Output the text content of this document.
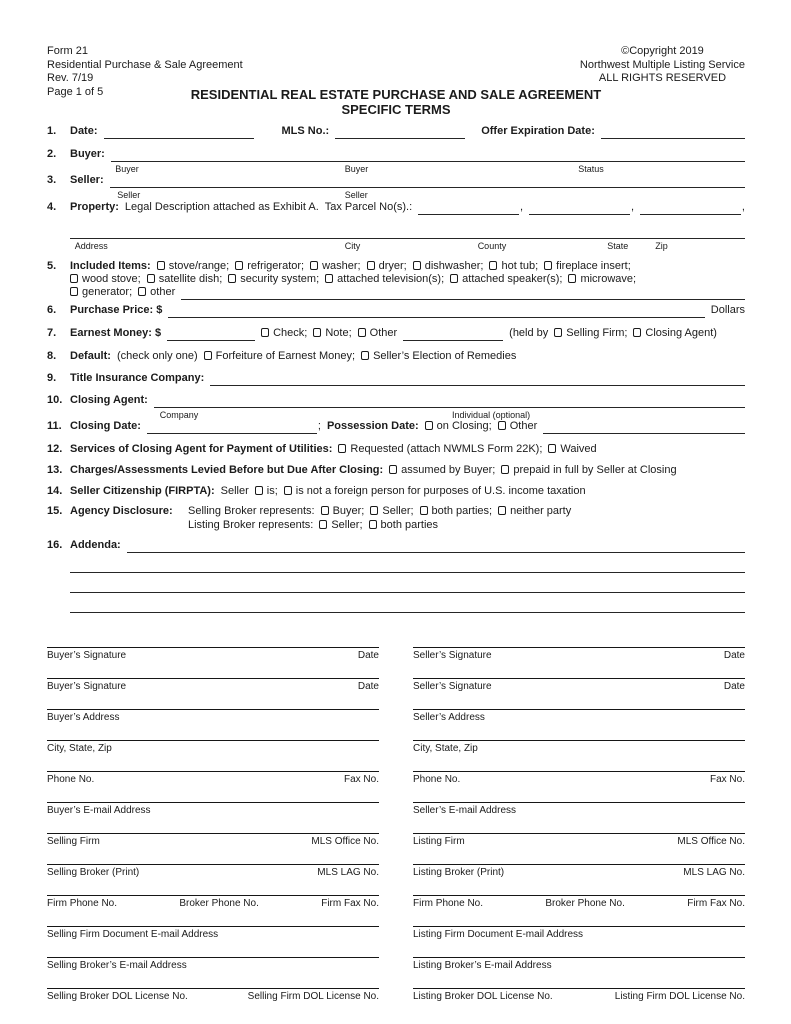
Form 21
Residential Purchase & Sale Agreement
Rev. 7/19
Page 1 of 5
©Copyright 2019
Northwest Multiple Listing Service
ALL RIGHTS RESERVED
RESIDENTIAL REAL ESTATE PURCHASE AND SALE AGREEMENT
SPECIFIC TERMS
1.	Date:	MLS No.:	Offer Expiration Date:
2.	Buyer:
Buyer	Buyer	Status
3.	Seller:
Seller	Seller
4.	Property: Legal Description attached as Exhibit A. Tax Parcel No(s).:	,	,	,
Address	City	County	State	Zip
5.	Included Items:	stove/range;	refrigerator;	washer;	dryer;	dishwasher;	hot tub;	fireplace insert;
wood stove;	satellite dish;	security system;	attached television(s);	attached speaker(s);	microwave;
generator;	other
6.	Purchase Price: $	Dollars
7.	Earnest Money: $	Check;	Note;	Other	(held by	Selling Firm;	Closing Agent)
8.	Default: (check only one)	Forfeiture of Earnest Money;	Seller’s Election of Remedies
9.	Title Insurance Company:
10. Closing Agent:
Company	Individual (optional)
11. Closing Date:	; Possession Date:	on Closing;	Other
12. Services of Closing Agent for Payment of Utilities:	Requested (attach NWMLS Form 22K);	Waived
13. Charges/Assessments Levied Before but Due After Closing:	assumed by Buyer;	prepaid in full by Seller at Closing
14. Seller Citizenship (FIRPTA): Seller	is;	is not a foreign person for purposes of U.S. income taxation
15. Agency Disclosure:	Selling Broker represents:	Buyer;	Seller;	both parties;	neither party
Listing Broker represents:	Seller;	both parties
16. Addenda:
Buyer’s Signature	Date
Buyer’s Signature	Date
Buyer’s Address
City, State, Zip
Phone No.	Fax No.
Buyer’s E-mail Address
Selling Firm	MLS Office No.
Selling Broker (Print)	MLS LAG No.
Firm Phone No.	Broker Phone No.	Firm Fax No.
Selling Firm Document E-mail Address
Selling Broker’s E-mail Address
Selling Broker DOL License No.	Selling Firm DOL License No.
Seller’s Signature	Date
Seller’s Signature	Date
Seller’s Address
City, State, Zip
Phone No.	Fax No.
Seller’s E-mail Address
Listing Firm	MLS Office No.
Listing Broker (Print)	MLS LAG No.
Firm Phone No.	Broker Phone No.	Firm Fax No.
Listing Firm Document E-mail Address
Listing Broker’s E-mail Address
Listing Broker DOL License No.	Listing Firm DOL License No.
